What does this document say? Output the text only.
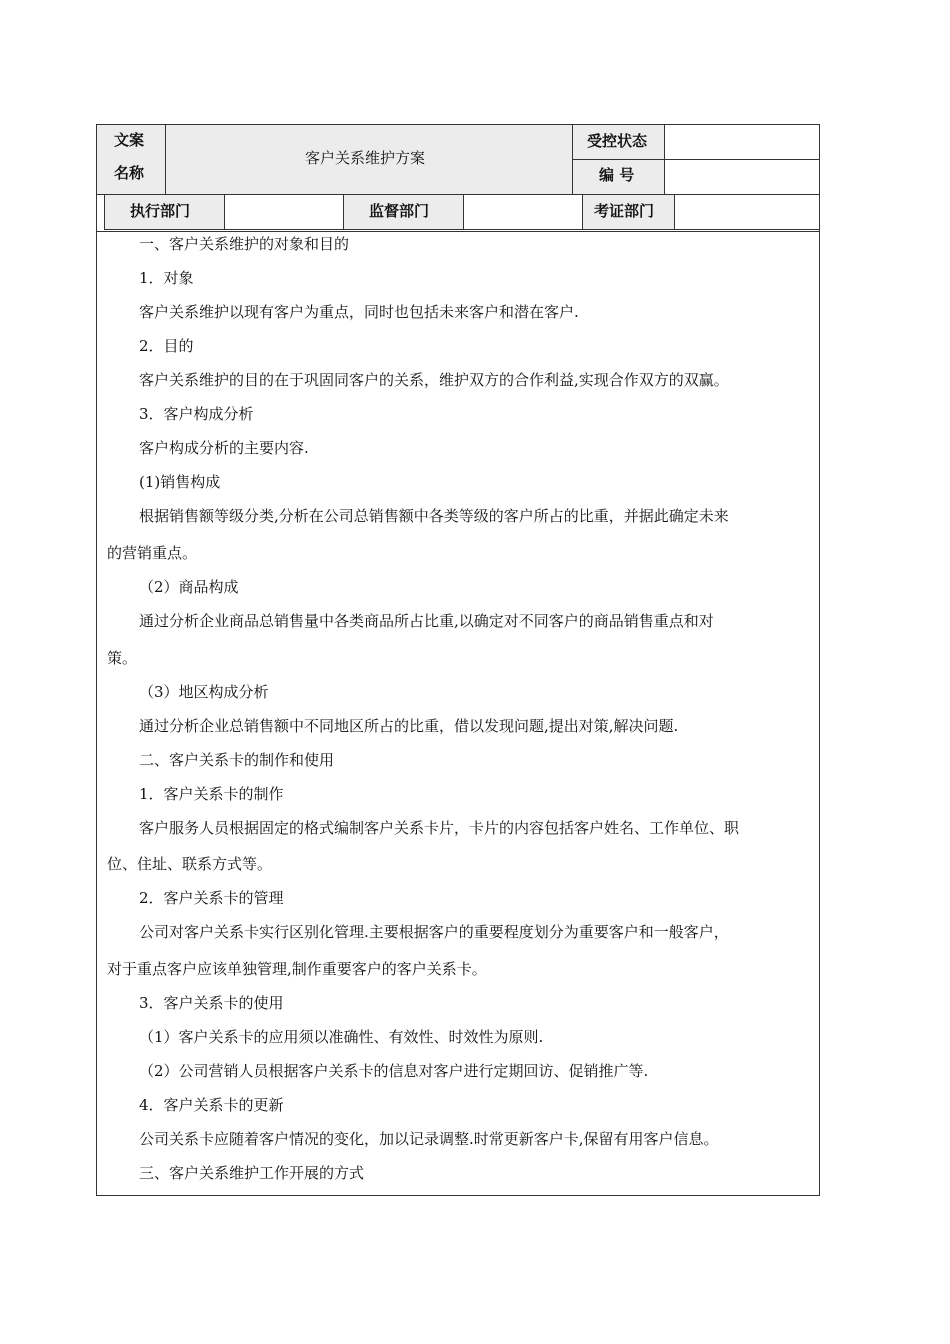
文案
名称
客户关系维护方案
受控状态
编 号
执行部门	监督部门	考证部门
一、客户关系维护的对象和目的
1．对象
客户关系维护以现有客户为重点，同时也包括未来客户和潜在客户.
2．目的
客户关系维护的目的在于巩固同客户的关系，维护双方的合作利益,实现合作双方的双赢。
3．客户构成分析
客户构成分析的主要内容.
(1)销售构成
根据销售额等级分类,分析在公司总销售额中各类等级的客户所占的比重，并据此确定未来
的营销重点。
（2）商品构成
通过分析企业商品总销售量中各类商品所占比重,以确定对不同客户的商品销售重点和对
策。
（3）地区构成分析
通过分析企业总销售额中不同地区所占的比重，借以发现问题,提出对策,解决问题.
二、客户关系卡的制作和使用
1．客户关系卡的制作
客户服务人员根据固定的格式编制客户关系卡片，卡片的内容包括客户姓名、工作单位、职
位、住址、联系方式等。
2．客户关系卡的管理
公司对客户关系卡实行区别化管理.主要根据客户的重要程度划分为重要客户和一般客户，
对于重点客户应该单独管理,制作重要客户的客户关系卡。
3．客户关系卡的使用
（1）客户关系卡的应用须以准确性、有效性、时效性为原则.
（2）公司营销人员根据客户关系卡的信息对客户进行定期回访、促销推广等.
4．客户关系卡的更新
公司关系卡应随着客户情况的变化，加以记录调整.时常更新客户卡,保留有用客户信息。
三、客户关系维护工作开展的方式
